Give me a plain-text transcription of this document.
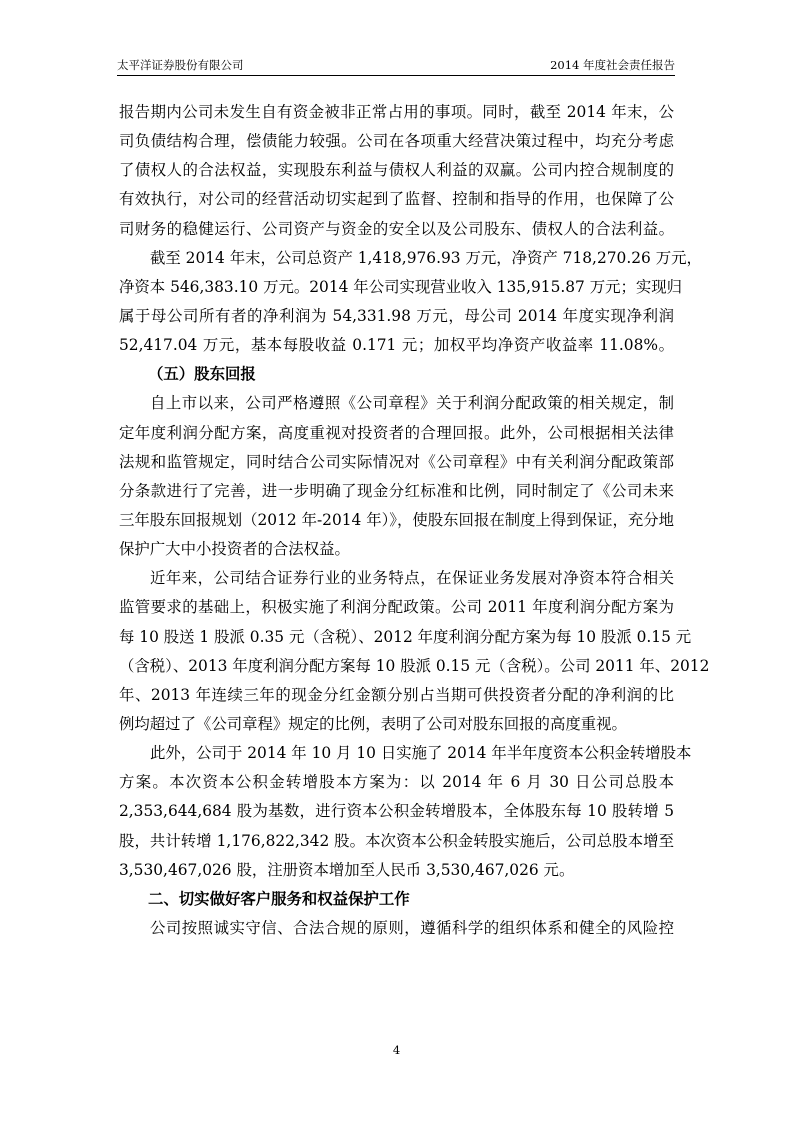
太平洋证券股份有限公司	2014 年度社会责任报告
报告期内公司未发生自有资金被非正常占用的事项。同时，截至 2014 年末，公
司负债结构合理，偿债能力较强。公司在各项重大经营决策过程中，均充分考虑
了债权人的合法权益，实现股东利益与债权人利益的双赢。公司内控合规制度的
有效执行，对公司的经营活动切实起到了监督、控制和指导的作用，也保障了公
司财务的稳健运行、公司资产与资金的安全以及公司股东、债权人的合法利益。
截至 2014 年末，公司总资产 1,418,976.93 万元，净资产 718,270.26 万元，
净资本 546,383.10 万元。2014 年公司实现营业收入 135,915.87 万元；实现归
属于母公司所有者的净利润为 54,331.98 万元，母公司 2014 年度实现净利润
52,417.04 万元，基本每股收益 0.171 元；加权平均净资产收益率 11.08%。
（五）股东回报
自上市以来，公司严格遵照《公司章程》关于利润分配政策的相关规定，制
定年度利润分配方案，高度重视对投资者的合理回报。此外，公司根据相关法律
法规和监管规定，同时结合公司实际情况对《公司章程》中有关利润分配政策部
分条款进行了完善，进一步明确了现金分红标准和比例，同时制定了《公司未来
三年股东回报规划（2012 年-2014 年）》，使股东回报在制度上得到保证，充分地
保护广大中小投资者的合法权益。
近年来，公司结合证券行业的业务特点，在保证业务发展对净资本符合相关
监管要求的基础上，积极实施了利润分配政策。公司 2011 年度利润分配方案为
每 10 股送 1 股派 0.35 元（含税）、2012 年度利润分配方案为每 10 股派 0.15 元
（含税）、2013 年度利润分配方案每 10 股派 0.15 元（含税）。公司 2011 年、2012
年、2013 年连续三年的现金分红金额分别占当期可供投资者分配的净利润的比
例均超过了《公司章程》规定的比例，表明了公司对股东回报的高度重视。
此外，公司于 2014 年 10 月 10 日实施了 2014 年半年度资本公积金转增股本
方案。本次资本公积金转增股本方案为：以 2014 年 6 月 30 日公司总股本
2,353,644,684 股为基数，进行资本公积金转增股本，全体股东每 10 股转增 5
股，共计转增 1,176,822,342 股。本次资本公积金转股实施后，公司总股本增至
3,530,467,026 股，注册资本增加至人民币 3,530,467,026 元。
二、切实做好客户服务和权益保护工作
公司按照诚实守信、合法合规的原则，遵循科学的组织体系和健全的风险控
4
